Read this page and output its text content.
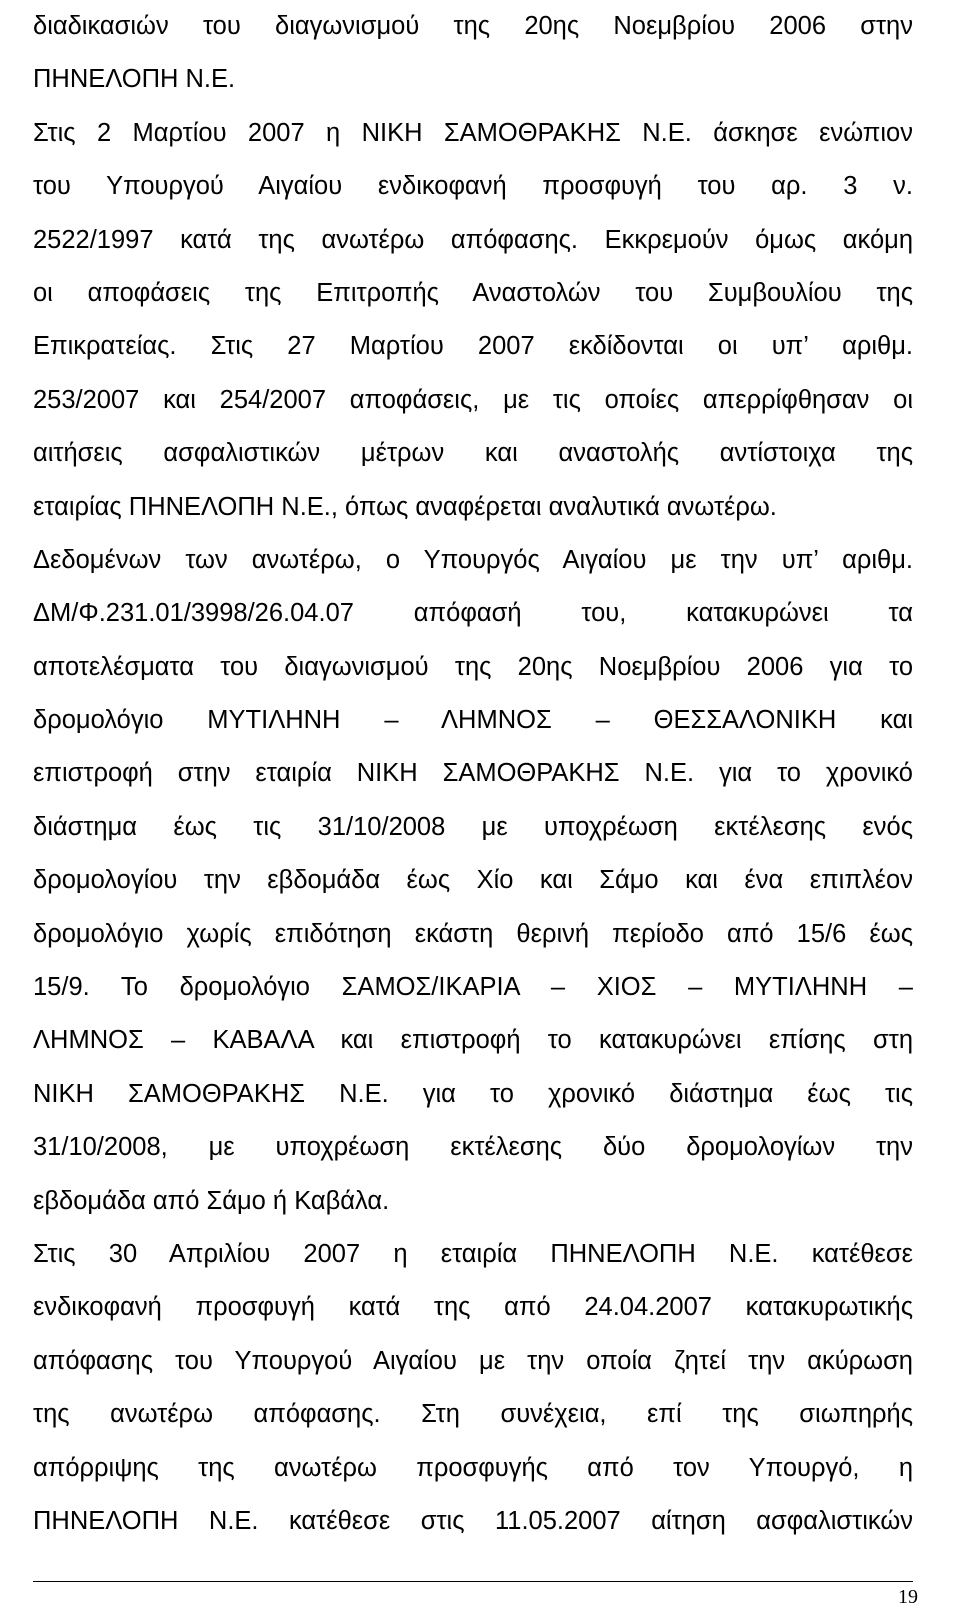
διαδικασιών του διαγωνισμού της 20ης Νοεμβρίου 2006 στην
ΠΗΝΕΛΟΠΗ Ν.Ε.
Στις 2 Μαρτίου 2007 η ΝΙΚΗ ΣΑΜΟΘΡΑΚΗΣ Ν.Ε. άσκησε ενώπιον
του Υπουργού Αιγαίου ενδικοφανή προσφυγή του αρ. 3 ν.
2522/1997 κατά της ανωτέρω απόφασης. Εκκρεμούν όμως ακόμη
οι αποφάσεις της Επιτροπής Αναστολών του Συμβουλίου της
Επικρατείας. Στις 27 Μαρτίου 2007 εκδίδονται οι υπ’ αριθμ.
253/2007 και 254/2007 αποφάσεις, με τις οποίες απερρίφθησαν οι
αιτήσεις ασφαλιστικών μέτρων και αναστολής αντίστοιχα της
εταιρίας ΠΗΝΕΛΟΠΗ Ν.Ε., όπως αναφέρεται αναλυτικά ανωτέρω.
Δεδομένων των ανωτέρω, ο Υπουργός Αιγαίου με την υπ’ αριθμ.
ΔΜ/Φ.231.01/3998/26.04.07 απόφασή του, κατακυρώνει τα
αποτελέσματα του διαγωνισμού της 20ης Νοεμβρίου 2006 για το
δρομολόγιο ΜΥΤΙΛΗΝΗ – ΛΗΜΝΟΣ – ΘΕΣΣΑΛΟΝΙΚΗ και
επιστροφή στην εταιρία ΝΙΚΗ ΣΑΜΟΘΡΑΚΗΣ Ν.Ε. για το χρονικό
διάστημα έως τις 31/10/2008 με υποχρέωση εκτέλεσης ενός
δρομολογίου την εβδομάδα έως Χίο και Σάμο και ένα επιπλέον
δρομολόγιο χωρίς επιδότηση εκάστη θερινή περίοδο από 15/6 έως
15/9. Το δρομολόγιο ΣΑΜΟΣ/ΙΚΑΡΙΑ – ΧΙΟΣ – ΜΥΤΙΛΗΝΗ –
ΛΗΜΝΟΣ – ΚΑΒΑΛΑ και επιστροφή το κατακυρώνει επίσης στη
ΝΙΚΗ ΣΑΜΟΘΡΑΚΗΣ Ν.Ε. για το χρονικό διάστημα έως τις
31/10/2008, με υποχρέωση εκτέλεσης δύο δρομολογίων την
εβδομάδα από Σάμο ή Καβάλα.
Στις 30 Απριλίου 2007 η εταιρία ΠΗΝΕΛΟΠΗ Ν.Ε. κατέθεσε
ενδικοφανή προσφυγή κατά της από 24.04.2007 κατακυρωτικής
απόφασης του Υπουργού Αιγαίου με την οποία ζητεί την ακύρωση
της ανωτέρω απόφασης. Στη συνέχεια, επί της σιωπηρής
απόρριψης της ανωτέρω προσφυγής από τον Υπουργό, η
ΠΗΝΕΛΟΠΗ Ν.Ε. κατέθεσε στις 11.05.2007 αίτηση ασφαλιστικών
19
